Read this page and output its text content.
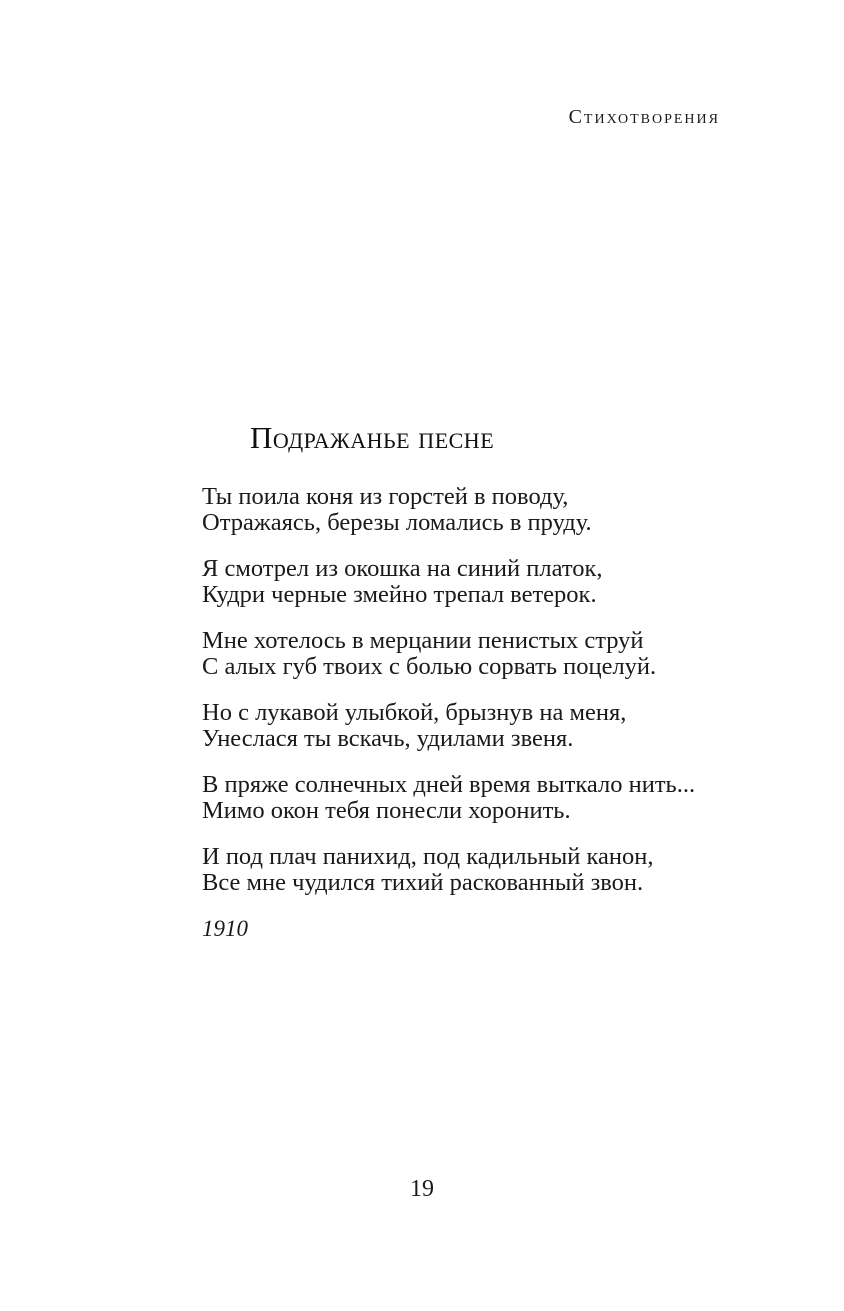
Стихотворения
Подражанье песне
Ты поила коня из горстей в поводу,
Отражаясь, березы ломались в пруду.
Я смотрел из окошка на синий платок,
Кудри черные змейно трепал ветерок.
Мне хотелось в мерцании пенистых струй
С алых губ твоих с болью сорвать поцелуй.
Но с лукавой улыбкой, брызнув на меня,
Унеслася ты вскачь, удилами звеня.
В пряже солнечных дней время выткало нить...
Мимо окон тебя понесли хоронить.
И под плач панихид, под кадильный канон,
Все мне чудился тихий раскованный звон.
1910
19
